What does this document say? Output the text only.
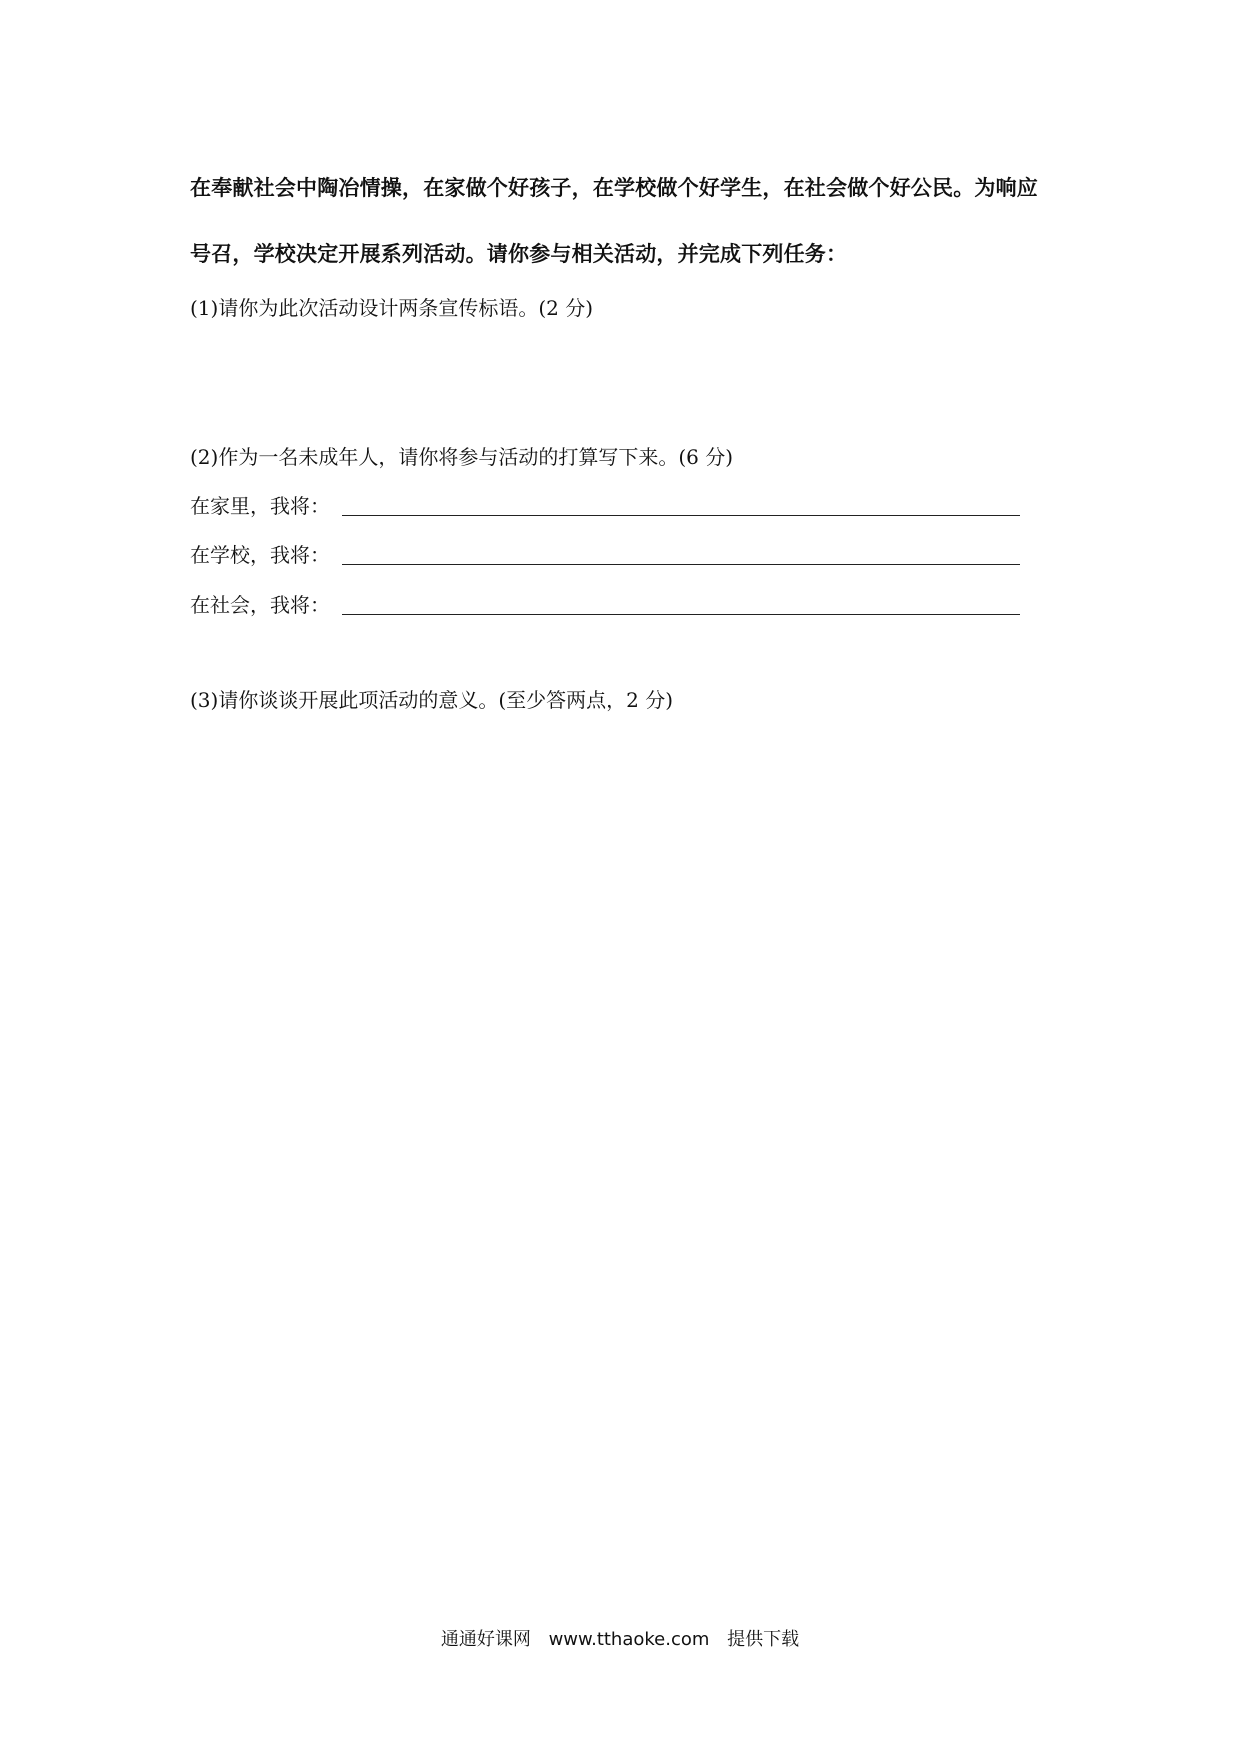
在奉献社会中陶冶情操，在家做个好孩子，在学校做个好学生，在社会做个好公民。为响应
号召，学校决定开展系列活动。请你参与相关活动，并完成下列任务：
(1)请你为此次活动设计两条宣传标语。(2 分)
(2)作为一名未成年人，请你将参与活动的打算写下来。(6 分)
在家里，我将：
在学校，我将：
在社会，我将：
(3)请你谈谈开展此项活动的意义。(至少答两点，2 分)
通通好课网 www.tthaoke.com 提供下载
